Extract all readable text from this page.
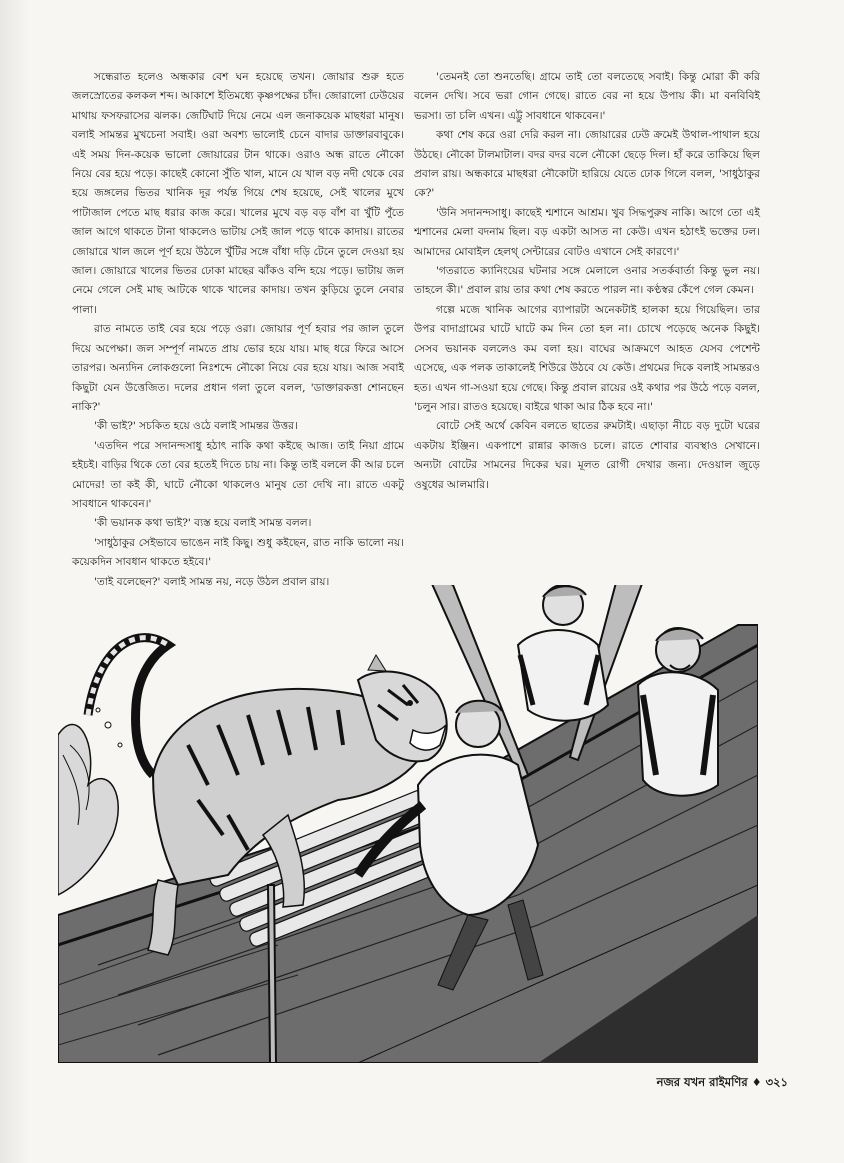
সন্ধেরাত হলেও অন্ধকার বেশ ঘন হয়েছে তখন। জোয়ার শুরু হতে জলস্রোতের কলকল শব্দ। আকাশে ইতিমধ্যে কৃষ্ণপক্ষের চাঁদ। জোরালো ঢেউয়ের মাথায় ফসফরাসের ঝলক। জেটিঘাট দিয়ে নেমে এল জনাকয়েক মাছধরা মানুষ। বলাই সামন্তর মুখচেনা সবাই। ওরা অবশ্য ভালোই চেনে বাদার ডাক্তারবাবুকে। এই সময় দিন-কয়েক ভালো জোয়ারের টান থাকে। ওরাও অন্ধ রাতে নৌকো নিয়ে বের হয়ে পড়ে। কাছেই কোনো সুঁতি খাল, মানে যে খাল বড় নদী থেকে বের হয়ে জঙ্গলের ভিতর খানিক দূর পর্যন্ত গিয়ে শেষ হয়েছে, সেই খালের মুখে পাটাজাল পেতে মাছ ধরার কাজ করে। খালের মুখে বড় বড় বাঁশ বা খুঁটি পুঁতে জাল আগে থাকতে টানা থাকলেও ভাটায় সেই জাল পড়ে থাকে কাদায়। রাতের জোয়ারে খাল জলে পূর্ণ হয়ে উঠলে খুঁটির সঙ্গে বাঁধা দড়ি টেনে তুলে দেওয়া হয় জাল। জোয়ারে খালের ভিতর ঢোকা মাছের ঝাঁকও বন্দি হয়ে পড়ে। ভাটায় জল নেমে গেলে সেই মাছ আটকে থাকে খালের কাদায়। তখন কুড়িয়ে তুলে নেবার পালা।

রাত নামতে তাই বের হয়ে পড়ে ওরা। জোয়ার পূর্ণ হবার পর জাল তুলে দিয়ে অপেক্ষা। জল সম্পূর্ণ নামতে প্রায় ভোর হয়ে যায়। মাছ ধরে ফিরে আসে তারপর। অন্যদিন লোকগুলো নিঃশব্দে নৌকো নিয়ে বের হয়ে যায়। আজ সবাই কিছুটা যেন উত্তেজিত। দলের প্রধান গলা তুলে বলল, 'ডাক্তারকত্তা শোনছেন নাকি?'

'কী ভাই?' সচকিত হয়ে ওঠে বলাই সামন্তর উত্তর।

'এতদিন পরে সদানন্দসাধু হঠাৎ নাকি কথা কইছে আজ। তাই নিয়া গ্রামে হইচই। বাড়ির থিকে তো বের হতেই দিতে চায় না। কিন্তু তাই বললে কী আর চলে মোদের! তা কই কী, ঘাটে নৌকো থাকলেও মানুষ তো দেখি না। রাতে একটু সাবধানে থাকবেন।'

'কী ভয়ানক কথা ভাই?' ব্যস্ত হয়ে বলাই সামন্ত বলল।

'সাধুঠাকুর সেইভাবে ভাঙেন নাই কিছু। শুধু কইছেন, রাত নাকি ভালো নয়। কয়েকদিন সাবধান থাকতে হইবে।'

'তাই বলেছেন?' বলাই সামন্ত নয়, নড়ে উঠল প্রবাল রায়।

'তেমনই তো শুনতেছি। গ্রামে তাই তো বলতেছে সবাই। কিন্তু মোরা কী করি বলেন দেখি। সবে ভরা গোন গেছে। রাতে বের না হয়ে উপায় কী। মা বনবিবিই ভরসা। তা চলি এখন। এট্টু সাবধানে থাকবেন।'

কথা শেষ করে ওরা দেরি করল না। জোয়ারের ঢেউ ক্রমেই উথাল-পাথাল হয়ে উঠছে। নৌকো টালমাটাল। বদর বদর বলে নৌকো ছেড়ে দিল। হাঁ করে তাকিয়ে ছিল প্রবাল রায়। অন্ধকারে মাছধরা নৌকোটা হারিয়ে যেতে ঢোক গিলে বলল, 'সাধুঠাকুর কে?'

'উনি সদানন্দসাধু। কাছেই শ্মশানে আশ্রম। খুব সিদ্ধপুরুষ নাকি। আগে তো এই শ্মশানের মেলা বদনাম ছিল। বড় একটা আসত না কেউ। এখন হঠাৎই ভক্তের ঢল। আমাদের মোবাইল হেলথ্ সেন্টারের বোটও এখানে সেই কারণে।'

'গতরাতে ক্যানিংয়ের ঘটনার সঙ্গে মেলালে ওনার সতর্কবার্তা কিন্তু ভুল নয়। তাহলে কী।' প্রবাল রায় তার কথা শেষ করতে পারল না। কণ্ঠস্বর কেঁপে গেল কেমন।

গল্পে মজে খানিক আগের ব্যাপারটা অনেকটাই হালকা হয়ে গিয়েছিল। তার উপর বাদাগ্রামের ঘাটে ঘাটে কম দিন তো হল না। চোখে পড়েছে অনেক কিছুই। সেসব ভয়ানক বললেও কম বলা হয়। বাঘের আক্রমণে আহত যেসব পেশেন্ট এসেছে, এক পলক তাকালেই শিউরে উঠবে যে কেউ। প্রথমের দিকে বলাই সামন্তরও হত। এখন গা-সওয়া হয়ে গেছে। কিন্তু প্রবাল রায়ের ওই কথার পর উঠে পড়ে বলল, 'চলুন সার। রাতও হয়েছে। বাইরে থাকা আর ঠিক হবে না।'

বোটে সেই অর্থে কেবিন বলতে ছাতের রুমটাই। এছাড়া নীচে বড় দুটো ঘরের একটায় ইঞ্জিন। একপাশে রান্নার কাজও চলে। রাতে শোবার ব্যবস্থাও সেখানে। অন্যটা বোটের সামনের দিকের ঘর। মূলত রোগী দেখার জন্য। দেওয়াল জুড়ে ওষুধের আলমারি।

নজর যখন রাইমণির ♦ ৩২১
